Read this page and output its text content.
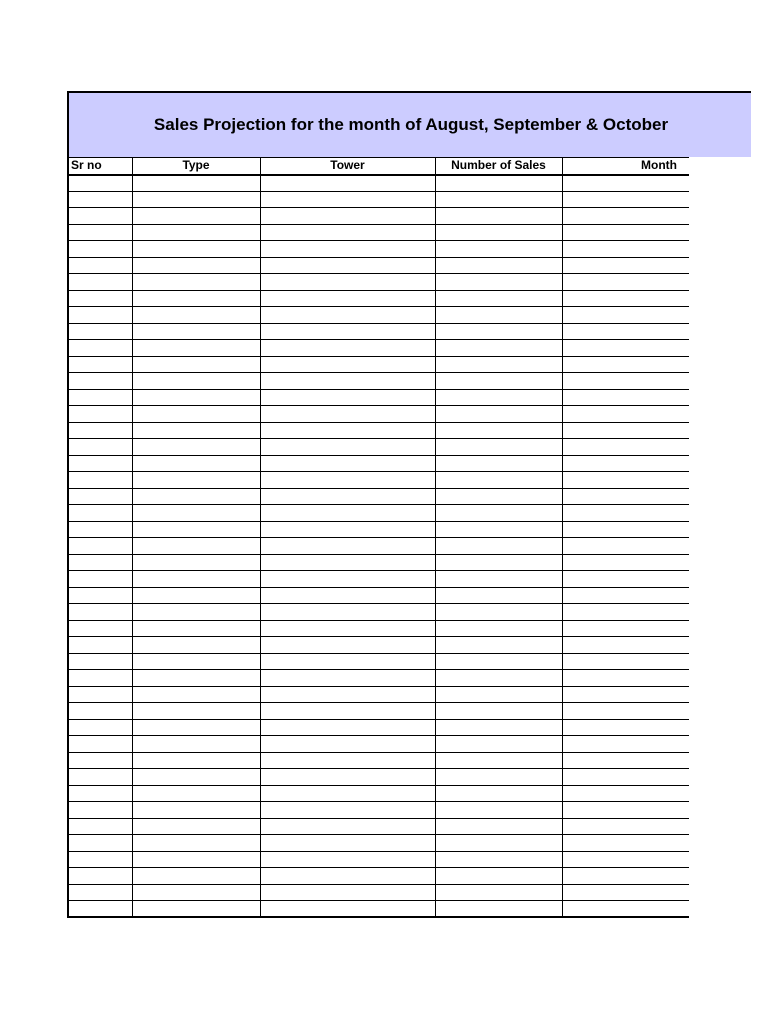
Sales Projection for the month of August, September & October
Sr no	Type	Tower	Number of Sales	Month
